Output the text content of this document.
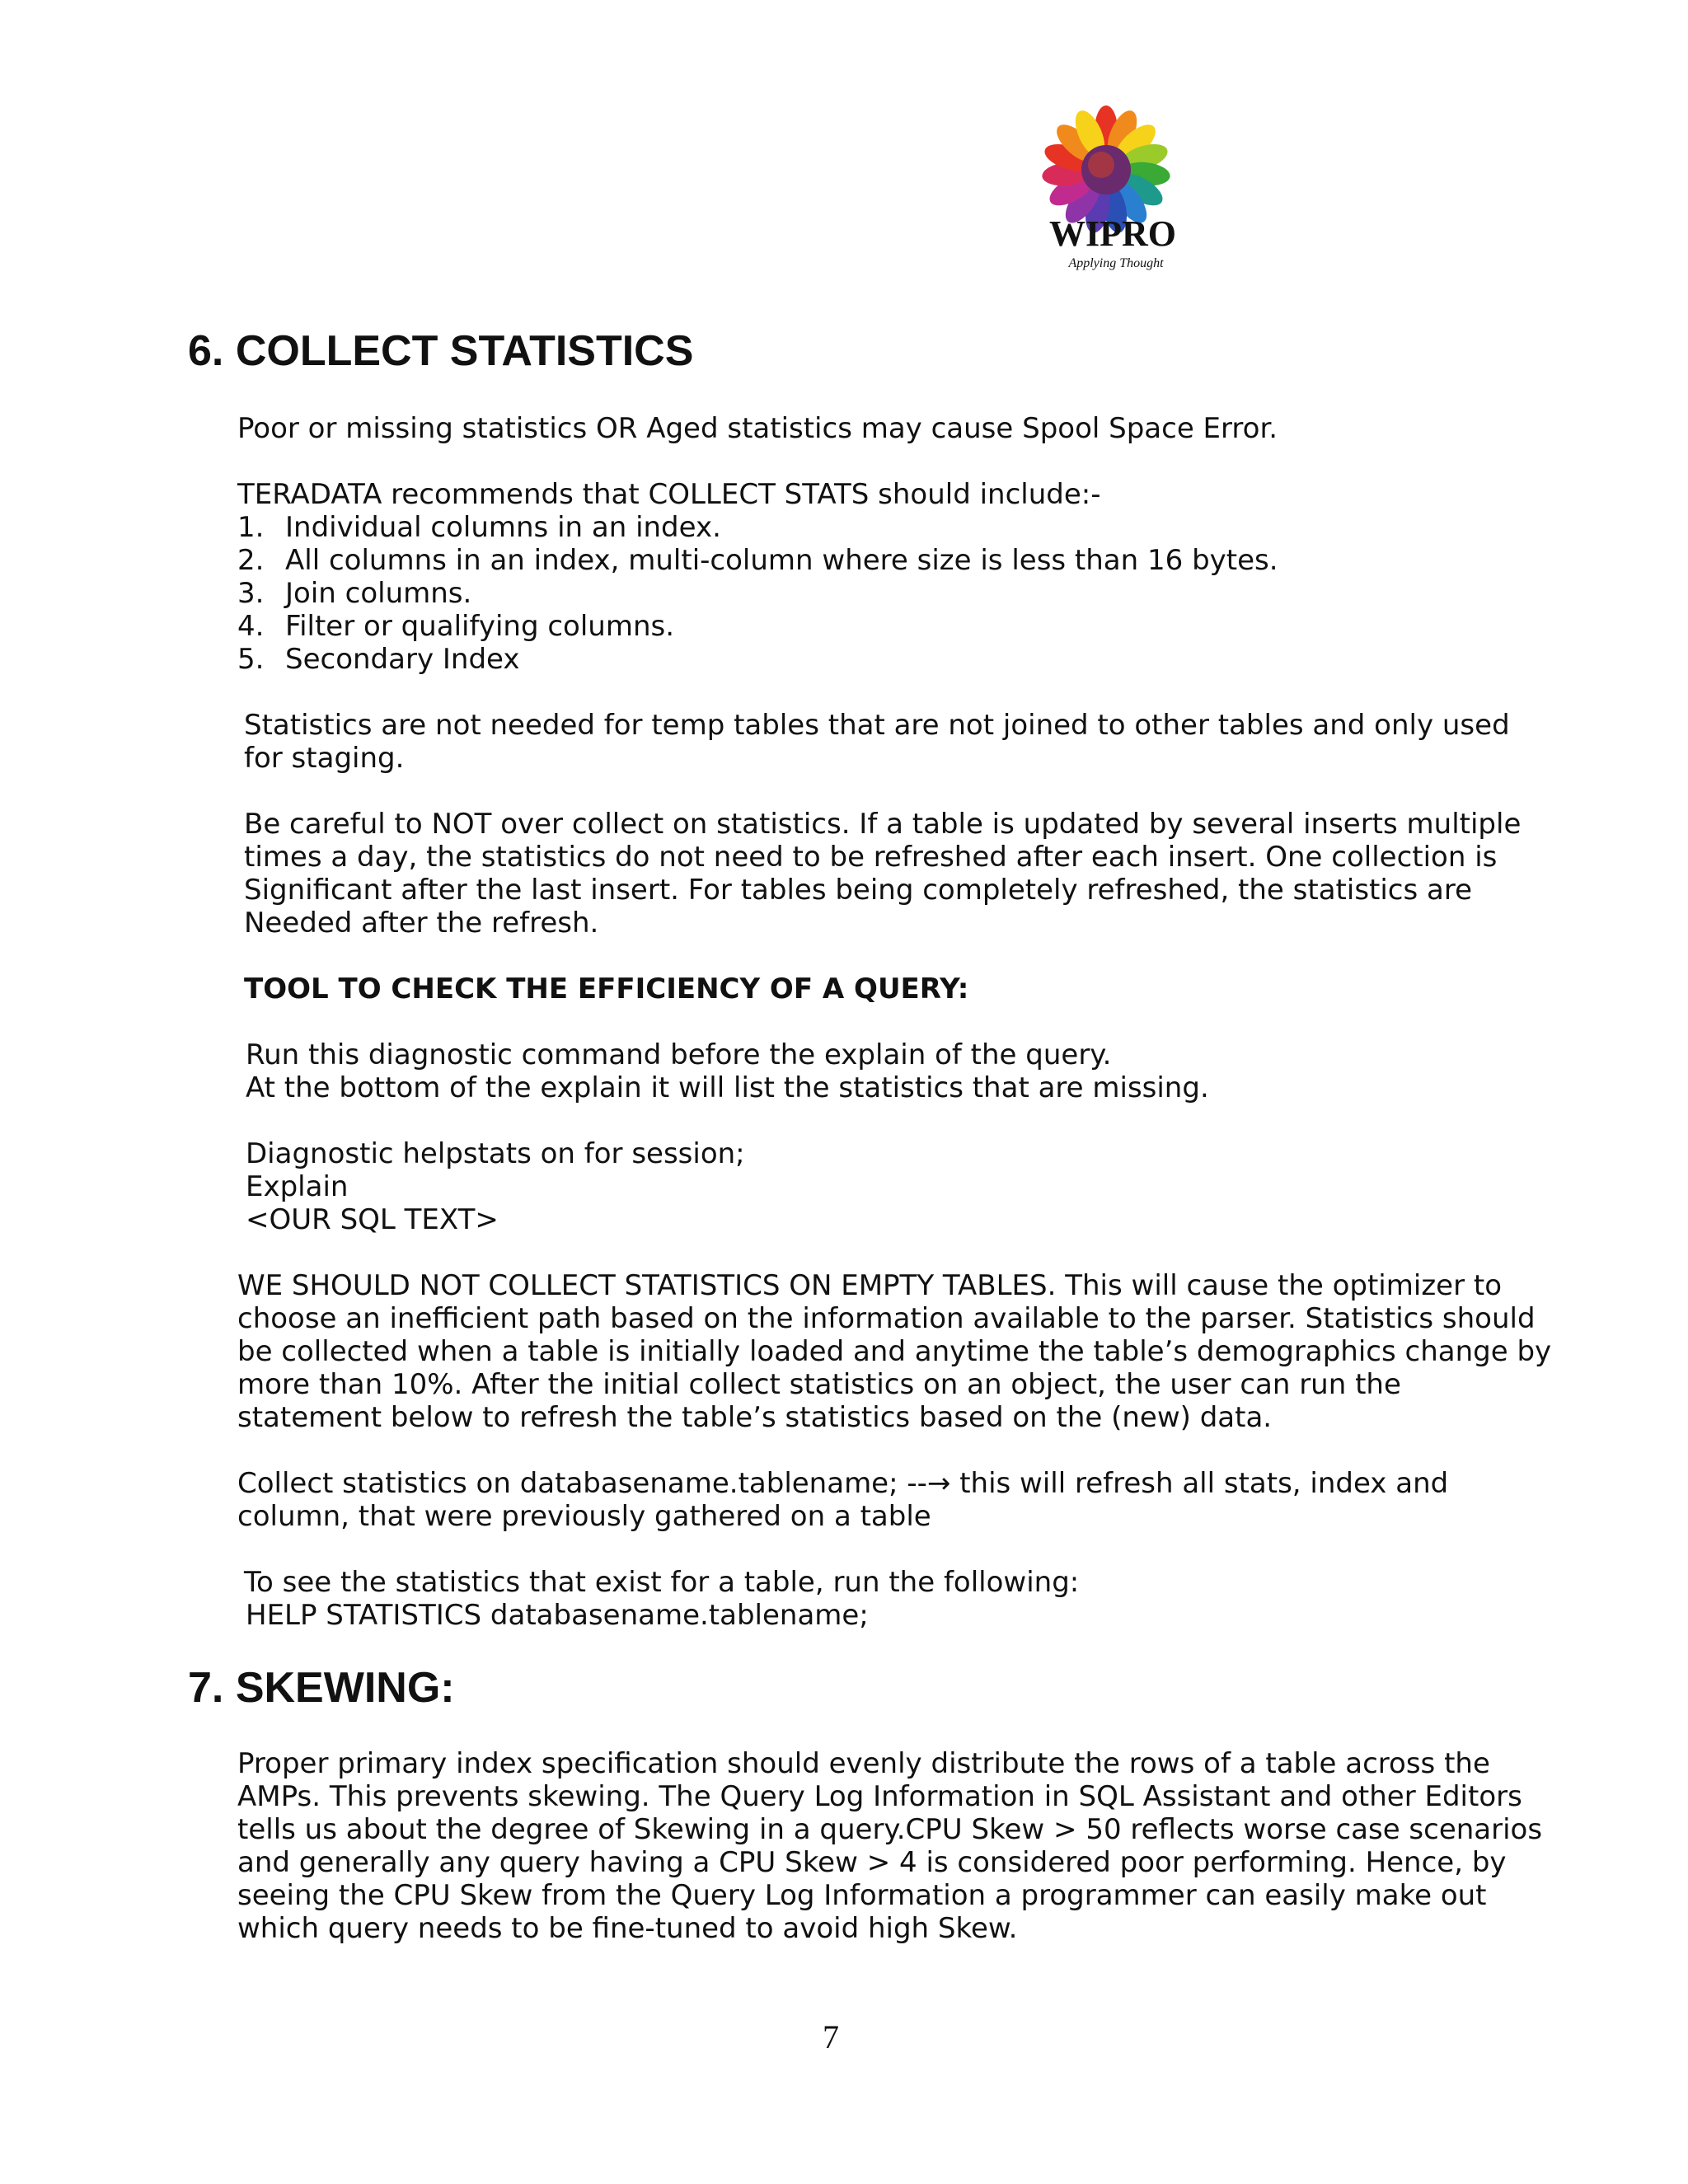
WIPRO
Applying Thought
6. COLLECT STATISTICS
Poor or missing statistics OR Aged statistics may cause Spool Space Error.
TERADATA recommends that COLLECT STATS should include:-
1. Individual columns in an index.
2. All columns in an index, multi-column where size is less than 16 bytes.
3. Join columns.
4. Filter or qualifying columns.
5. Secondary Index
Statistics are not needed for temp tables that are not joined to other tables and only used
for staging.
Be careful to NOT over collect on statistics. If a table is updated by several inserts multiple
times a day, the statistics do not need to be refreshed after each insert. One collection is
Significant after the last insert. For tables being completely refreshed, the statistics are
Needed after the refresh.
TOOL TO CHECK THE EFFICIENCY OF A QUERY:
Run this diagnostic command before the explain of the query.
At the bottom of the explain it will list the statistics that are missing.
Diagnostic helpstats on for session;
Explain
<OUR SQL TEXT>
WE SHOULD NOT COLLECT STATISTICS ON EMPTY TABLES. This will cause the optimizer to
choose an inefficient path based on the information available to the parser. Statistics should
be collected when a table is initially loaded and anytime the table’s demographics change by
more than 10%. After the initial collect statistics on an object, the user can run the
statement below to refresh the table’s statistics based on the (new) data.
Collect statistics on databasename.tablename; --→ this will refresh all stats, index and
column, that were previously gathered on a table
To see the statistics that exist for a table, run the following:
HELP STATISTICS databasename.tablename;
7. SKEWING:
Proper primary index specification should evenly distribute the rows of a table across the
AMPs. This prevents skewing. The Query Log Information in SQL Assistant and other Editors
tells us about the degree of Skewing in a query.CPU Skew > 50 reflects worse case scenarios
and generally any query having a CPU Skew > 4 is considered poor performing. Hence, by
seeing the CPU Skew from the Query Log Information a programmer can easily make out
which query needs to be fine-tuned to avoid high Skew.
7
